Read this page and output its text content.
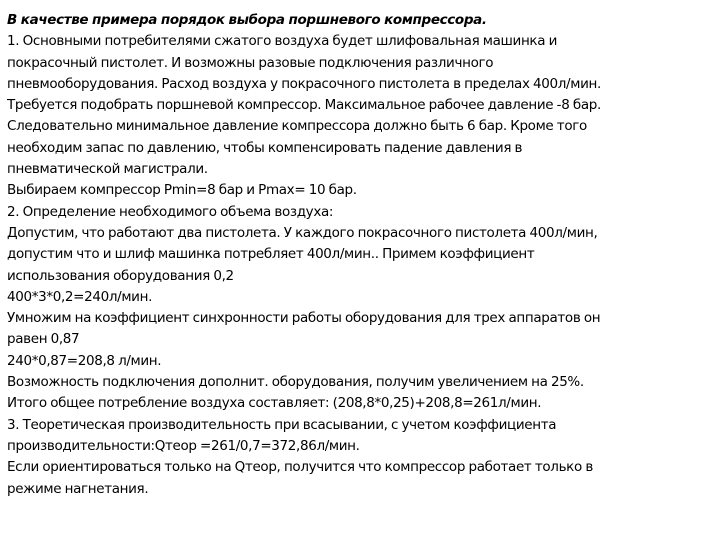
В качестве примера порядок выбора поршневого компрессора.
1. Основными потребителями сжатого воздуха будет шлифовальная машинка и
покрасочный пистолет. И возможны разовые подключения различного
пневмооборудования. Расход воздуха у покрасочного пистолета в пределах 400л/мин.
Требуется подобрать поршневой компрессор. Максимальное рабочее давление -8 бар.
Следовательно минимальное давление компрессора должно быть 6 бар. Кроме того
необходим запас по давлению, чтобы компенсировать падение давления в
пневматической магистрали.
Выбираем компрессор Pmin=8 бар и Pmax= 10 бар.
2. Определение необходимого объема воздуха:
Допустим, что работают два пистолета. У каждого покрасочного пистолета 400л/мин,
допустим что и шлиф машинка потребляет 400л/мин.. Примем коэффициент
использования оборудования 0,2
400*3*0,2=240л/мин.
Умножим на коэффициент синхронности работы оборудования для трех аппаратов он
равен 0,87
240*0,87=208,8 л/мин.
Возможность подключения дополнит. оборудования, получим увеличением на 25%.
Итого общее потребление воздуха составляет: (208,8*0,25)+208,8=261л/мин.
3. Теоретическая производительность при всасывании, с учетом коэффициента
производительности:Qтеор =261/0,7=372,86л/мин.
Если ориентироваться только на Qтеор, получится что компрессор работает только в
режиме нагнетания.
